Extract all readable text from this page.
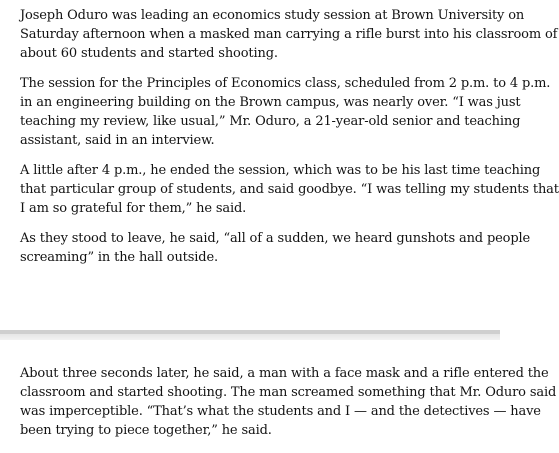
Joseph Oduro was leading an economics study session at Brown University on
Saturday afternoon when a masked man carrying a rifle burst into his classroom of
about 60 students and started shooting.

The session for the Principles of Economics class, scheduled from 2 p.m. to 4 p.m.
in an engineering building on the Brown campus, was nearly over. “I was just
teaching my review, like usual,” Mr. Oduro, a 21-year-old senior and teaching
assistant, said in an interview.

A little after 4 p.m., he ended the session, which was to be his last time teaching
that particular group of students, and said goodbye. “I was telling my students that
I am so grateful for them,” he said.

As they stood to leave, he said, “all of a sudden, we heard gunshots and people
screaming” in the hall outside.

About three seconds later, he said, a man with a face mask and a rifle entered the
classroom and started shooting. The man screamed something that Mr. Oduro said
was imperceptible. “That’s what the students and I — and the detectives — have
been trying to piece together,” he said.
